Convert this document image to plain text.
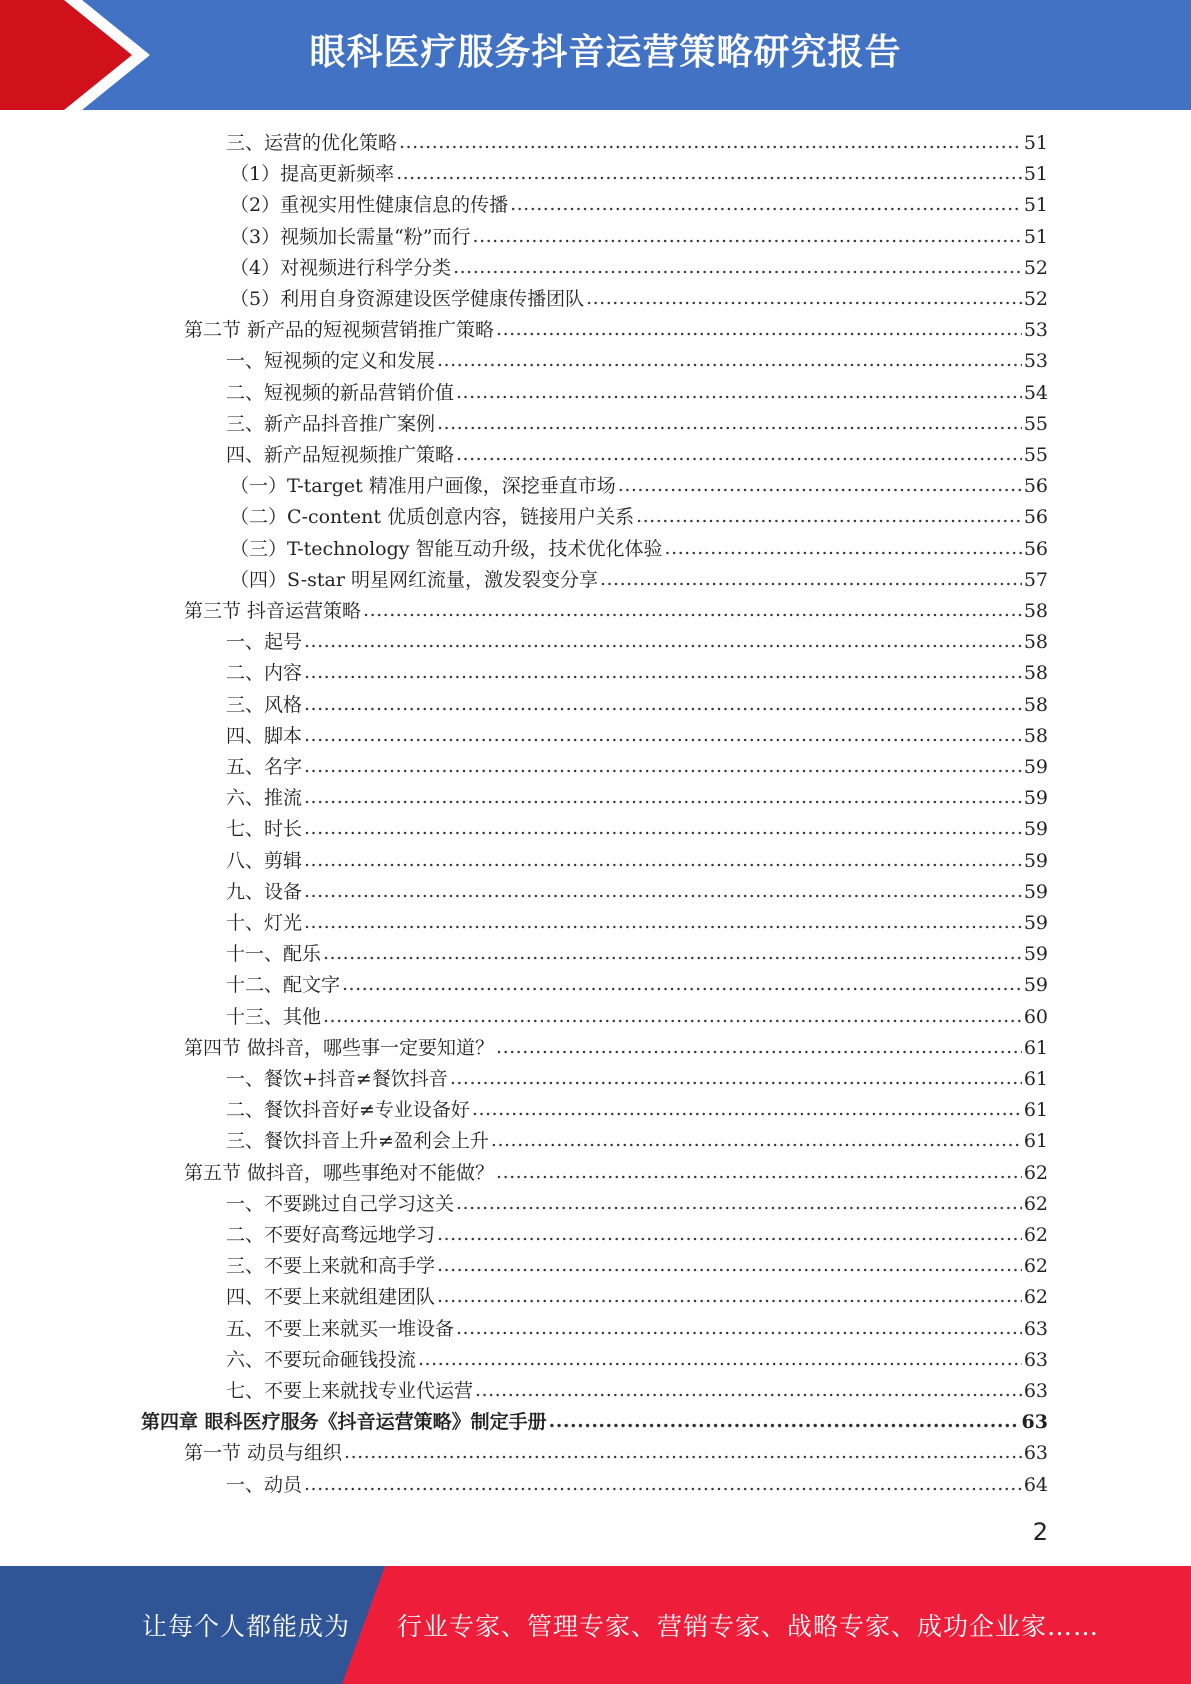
眼科医疗服务抖音运营策略研究报告
三、运营的优化策略 .....	51
（1）提高更新频率 .....	51
（2）重视实用性健康信息的传播 .....	51
（3）视频加长需量“粉”而行 .....	51
（4）对视频进行科学分类 .....	52
（5）利用自身资源建设医学健康传播团队 .....	52
第二节 新产品的短视频营销推广策略 .....	53
一、短视频的定义和发展 .....	53
二、短视频的新品营销价值 .....	54
三、新产品抖音推广案例 .....	55
四、新产品短视频推广策略 .....	55
（一）T-target 精准用户画像，深挖垂直市场 .....	56
（二）C-content 优质创意内容，链接用户关系 .....	56
（三）T-technology 智能互动升级，技术优化体验 .....	56
（四）S-star 明星网红流量，激发裂变分享 .....	57
第三节 抖音运营策略 .....	58
一、起号 .....	58
二、内容 .....	58
三、风格 .....	58
四、脚本 .....	58
五、名字 .....	59
六、推流 .....	59
七、时长 .....	59
八、剪辑 .....	59
九、设备 .....	59
十、灯光 .....	59
十一、配乐 .....	59
十二、配文字 .....	59
十三、其他 .....	60
第四节 做抖音，哪些事一定要知道？ .....	61
一、餐饮+抖音≠餐饮抖音 .....	61
二、餐饮抖音好≠专业设备好 .....	61
三、餐饮抖音上升≠盈利会上升 .....	61
第五节 做抖音，哪些事绝对不能做？ .....	62
一、不要跳过自己学习这关 .....	62
二、不要好高骛远地学习 .....	62
三、不要上来就和高手学 .....	62
四、不要上来就组建团队 .....	62
五、不要上来就买一堆设备 .....	63
六、不要玩命砸钱投流 .....	63
七、不要上来就找专业代运营 .....	63
第四章 眼科医疗服务《抖音运营策略》制定手册 .....	63
第一节 动员与组织 .....	63
一、动员 .....	64
2
让每个人都能成为 行业专家、管理专家、营销专家、战略专家、成功企业家……
